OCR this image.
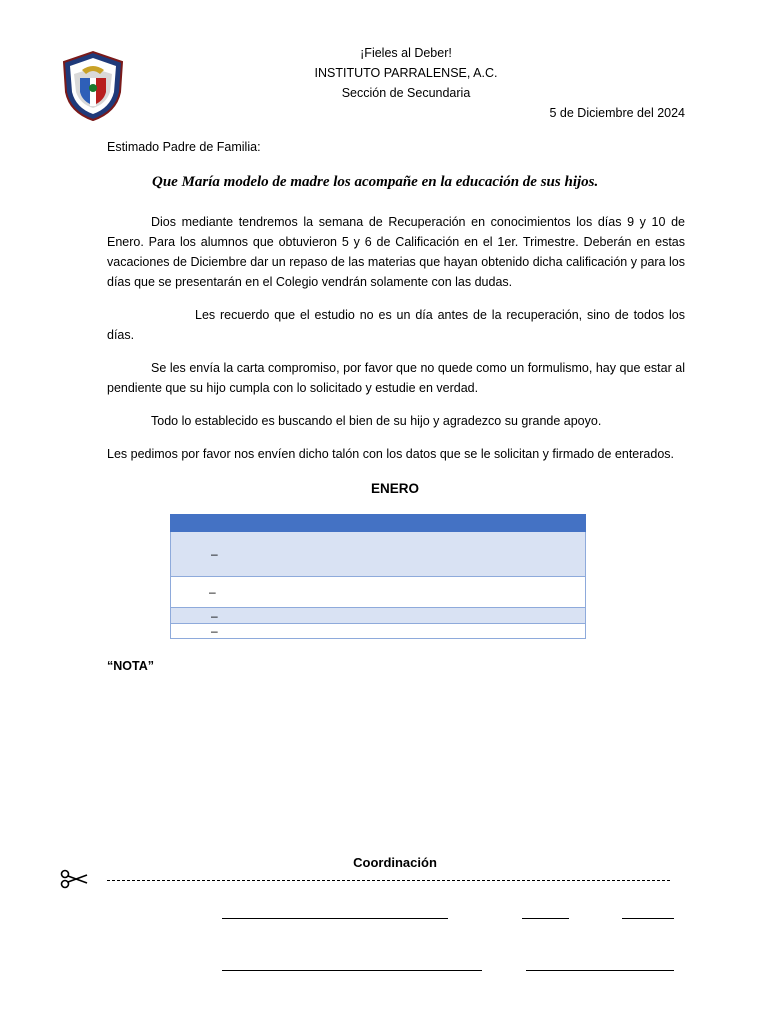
¡Fieles al Deber!
INSTITUTO PARRALENSE, A.C.
Sección de Secundaria
5 de Diciembre del 2024
Estimado Padre de Familia:
Que María modelo de madre los acompañe en la educación de sus hijos.
Dios mediante tendremos la semana de Recuperación en conocimientos los días 9 y 10 de Enero. Para los alumnos que obtuvieron 5 y 6 de Calificación en el 1er. Trimestre. Deberán en estas vacaciones de Diciembre dar un repaso de las materias que hayan obtenido dicha calificación y para los días que se presentarán en el Colegio vendrán solamente con las dudas.
Les recuerdo que el estudio no es un día antes de la recuperación, sino de todos los días.
Se les envía la carta compromiso, por favor que no quede como un formulismo, hay que estar al pendiente que su hijo cumpla con lo solicitado y estudie en verdad.
Todo lo establecido es buscando el bien de su hijo y agradezco su grande apoyo.
Les pedimos por favor nos envíen dicho talón con los datos que se le solicitan y firmado de enterados.
ENERO

–
–
–
–
“NOTA”
Coordinación
